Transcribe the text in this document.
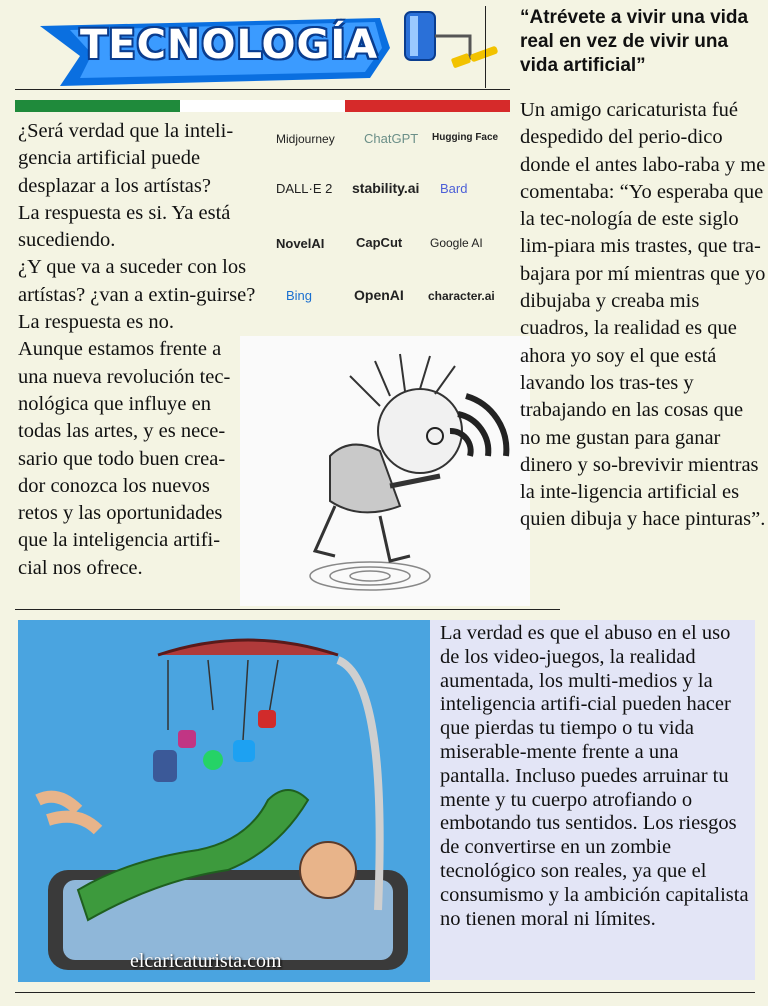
TECNOLOGÍA
“Atrévete a vivir una vida real en vez de vivir una vida artificial”
¿Será verdad que la inteli-gencia artificial puede desplazar a los artístas?
La respuesta es si. Ya está sucediendo.
¿Y que va a suceder con los artístas? ¿van a extin-guirse?
La respuesta es no.
Aunque estamos frente a una nueva revolución tec-nológica que influye en todas las artes, y es nece-sario que todo buen crea-dor conozca los nuevos retos y las oportunidades que la inteligencia artifi-cial nos ofrece.
Midjourney ChatGPT Hugging Face
DALL·E 2 stability.ai Bard
NovelAI CapCut Google AI
Bing	OpenAI character.ai
Un amigo caricaturista fué despedido del perio-dico donde el antes labo-raba y me comentaba: “Yo esperaba que la tec-nología de este siglo lim-piara mis trastes, que tra-bajara por mí mientras que yo dibujaba y creaba mis cuadros, la realidad es que ahora yo soy el que está lavando los tras-tes y trabajando en las cosas que no me gustan para ganar dinero y so-brevivir mientras la inte-ligencia artificial es quien dibuja y hace pinturas”.
elcaricaturista.com
La verdad es que el abuso en el uso de los video-juegos, la realidad aumentada, los multi-medios y la inteligencia artifi-cial pueden hacer que pierdas tu tiempo o tu vida miserable-mente frente a una pantalla. Incluso puedes arruinar tu mente y tu cuerpo atrofiando o embotando tus sentidos. Los riesgos de convertirse en un zombie tecnológico son reales, ya que el consumismo y la ambición capitalista no tienen moral ni límites.
